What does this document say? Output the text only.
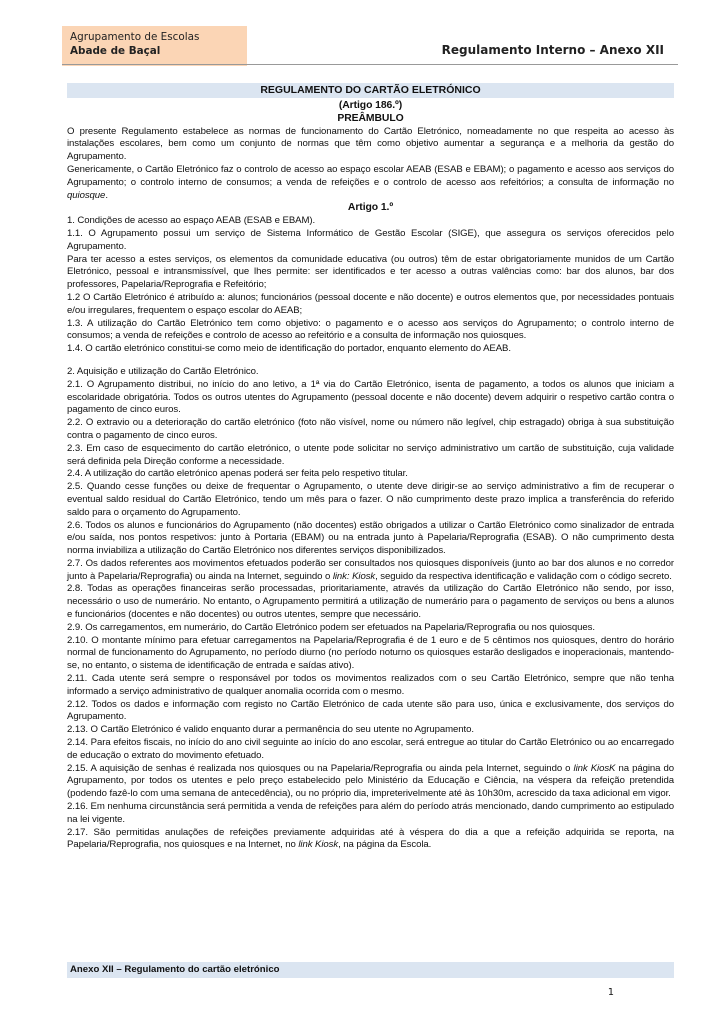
Agrupamento de Escolas
Abade de Baçal	Regulamento Interno – Anexo XII
REGULAMENTO DO CARTÃO ELETRÓNICO

(Artigo 186.º)

PREÂMBULO

O presente Regulamento estabelece as normas de funcionamento do Cartão Eletrónico, nomeadamente no que respeita ao acesso às instalações escolares, bem como um conjunto de normas que têm como objetivo aumentar a segurança e a melhoria da gestão do Agrupamento.

Genericamente, o Cartão Eletrónico faz o controlo de acesso ao espaço escolar AEAB (ESAB e EBAM); o pagamento e acesso aos serviços do Agrupamento; o controlo interno de consumos; a venda de refeições e o controlo de acesso aos refeitórios; a consulta de informação no quiosque.

Artigo 1.º

1. Condições de acesso ao espaço AEAB (ESAB e EBAM).

1.1. O Agrupamento possui um serviço de Sistema Informático de Gestão Escolar (SIGE), que assegura os serviços oferecidos pelo Agrupamento.

Para ter acesso a estes serviços, os elementos da comunidade educativa (ou outros) têm de estar obrigatoriamente munidos de um Cartão Eletrónico, pessoal e intransmissível, que lhes permite: ser identificados e ter acesso a outras valências como: bar dos alunos, bar dos professores, Papelaria/Reprografia e Refeitório;

1.2 O Cartão Eletrónico é atribuído a: alunos; funcionários (pessoal docente e não docente) e outros elementos que, por necessidades pontuais e/ou irregulares, frequentem o espaço escolar do AEAB;

1.3. A utilização do Cartão Eletrónico tem como objetivo: o pagamento e o acesso aos serviços do Agrupamento; o controlo interno de consumos; a venda de refeições e controlo de acesso ao refeitório e a consulta de informação nos quiosques.

1.4. O cartão eletrónico constitui-se como meio de identificação do portador, enquanto elemento do AEAB.

2. Aquisição e utilização do Cartão Eletrónico.

2.1. O Agrupamento distribui, no início do ano letivo, a 1ª via do Cartão Eletrónico, isenta de pagamento, a todos os alunos que iniciam a escolaridade obrigatória. Todos os outros utentes do Agrupamento (pessoal docente e não docente) devem adquirir o respetivo cartão contra o pagamento de cinco euros.

2.2. O extravio ou a deterioração do cartão eletrónico (foto não visível, nome ou número não legível, chip estragado) obriga à sua substituição contra o pagamento de cinco euros.

2.3. Em caso de esquecimento do cartão eletrónico, o utente pode solicitar no serviço administrativo um cartão de substituição, cuja validade será definida pela Direção conforme a necessidade.

2.4. A utilização do cartão eletrónico apenas poderá ser feita pelo respetivo titular.

2.5. Quando cesse funções ou deixe de frequentar o Agrupamento, o utente deve dirigir-se ao serviço administrativo a fim de recuperar o eventual saldo residual do Cartão Eletrónico, tendo um mês para o fazer. O não cumprimento deste prazo implica a transferência do referido saldo para o orçamento do Agrupamento.

2.6. Todos os alunos e funcionários do Agrupamento (não docentes) estão obrigados a utilizar o Cartão Eletrónico como sinalizador de entrada e/ou saída, nos pontos respetivos: junto à Portaria (EBAM) ou na entrada junto à Papelaria/Reprografia (ESAB). O não cumprimento desta norma inviabiliza a utilização do Cartão Eletrónico nos diferentes serviços disponibilizados.

2.7. Os dados referentes aos movimentos efetuados poderão ser consultados nos quiosques disponíveis (junto ao bar dos alunos e no corredor junto à Papelaria/Reprografia) ou ainda na Internet, seguindo o link: Kiosk, seguido da respectiva identificação e validação com o código secreto.

2.8. Todas as operações financeiras serão processadas, prioritariamente, através da utilização do Cartão Eletrónico não sendo, por isso, necessário o uso de numerário. No entanto, o Agrupamento permitirá a utilização de numerário para o pagamento de serviços ou bens a alunos e funcionários (docentes e não docentes) ou outros utentes, sempre que necessário.

2.9. Os carregamentos, em numerário, do Cartão Eletrónico podem ser efetuados na Papelaria/Reprografia ou nos quiosques.

2.10. O montante mínimo para efetuar carregamentos na Papelaria/Reprografia é de 1 euro e de 5 cêntimos nos quiosques, dentro do horário normal de funcionamento do Agrupamento, no período diurno (no período noturno os quiosques estarão desligados e inoperacionais, mantendo-se, no entanto, o sistema de identificação de entrada e saídas ativo).

2.11. Cada utente será sempre o responsável por todos os movimentos realizados com o seu Cartão Eletrónico, sempre que não tenha informado a serviço administrativo de qualquer anomalia ocorrida com o mesmo.

2.12. Todos os dados e informação com registo no Cartão Eletrónico de cada utente são para uso, única e exclusivamente, dos serviços do Agrupamento.

2.13. O Cartão Eletrónico é valido enquanto durar a permanência do seu utente no Agrupamento.

2.14. Para efeitos fiscais, no início do ano civil seguinte ao início do ano escolar, será entregue ao titular do Cartão Eletrónico ou ao encarregado de educação o extrato do movimento efetuado.

2.15. A aquisição de senhas é realizada nos quiosques ou na Papelaria/Reprografia ou ainda pela Internet, seguindo o link KiosK na página do Agrupamento, por todos os utentes e pelo preço estabelecido pelo Ministério da Educação e Ciência, na véspera da refeição pretendida (podendo fazê-lo com uma semana de antecedência), ou no próprio dia, impreterivelmente até às 10h30m, acrescido da taxa adicional em vigor.

2.16. Em nenhuma circunstância será permitida a venda de refeições para além do período atrás mencionado, dando cumprimento ao estipulado na lei vigente.

2.17. São permitidas anulações de refeições previamente adquiridas até à véspera do dia a que a refeição adquirida se reporta, na Papelaria/Reprografia, nos quiosques e na Internet, no link Kiosk, na página da Escola.

Anexo XII – Regulamento do cartão eletrónico
1
